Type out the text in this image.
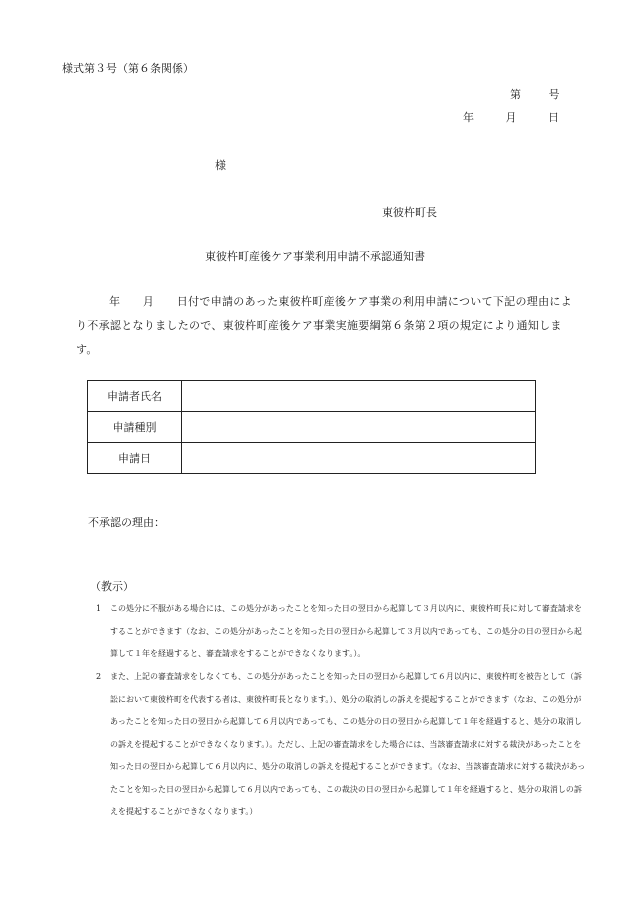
様式第３号（第６条関係）
第 号
年 月 日
様
東彼杵町長
東彼杵町産後ケア事業利用申請不承認通知書
年　　月　　日付で申請のあった東彼杵町産後ケア事業の利用申請について下記の理由により不承認となりましたので、東彼杵町産後ケア事業実施要綱第６条第２項の規定により通知します。
申請者氏名	
申請種別	
申請日	
不承認の理由：
（教示）
1 この処分に不服がある場合には、この処分があったことを知った日の翌日から起算して３月以内に、東彼杵町長に対して審査請求をすることができます（なお、この処分があったことを知った日の翌日から起算して３月以内であっても、この処分の日の翌日から起算して１年を経過すると、審査請求をすることができなくなります。）。
2 また、上記の審査請求をしなくても、この処分があったことを知った日の翌日から起算して６月以内に、東彼杵町を被告として（訴訟において東彼杵町を代表する者は、東彼杵町長となります。）、処分の取消しの訴えを提起することができます（なお、この処分があったことを知った日の翌日から起算して６月以内であっても、この処分の日の翌日から起算して１年を経過すると、処分の取消しの訴えを提起することができなくなります。）。ただし、上記の審査請求をした場合には、当該審査請求に対する裁決があったことを知った日の翌日から起算して６月以内に、処分の取消しの訴えを提起することができます。（なお、当該審査請求に対する裁決があったことを知った日の翌日から起算して６月以内であっても、この裁決の日の翌日から起算して１年を経過すると、処分の取消しの訴えを提起することができなくなります。）
